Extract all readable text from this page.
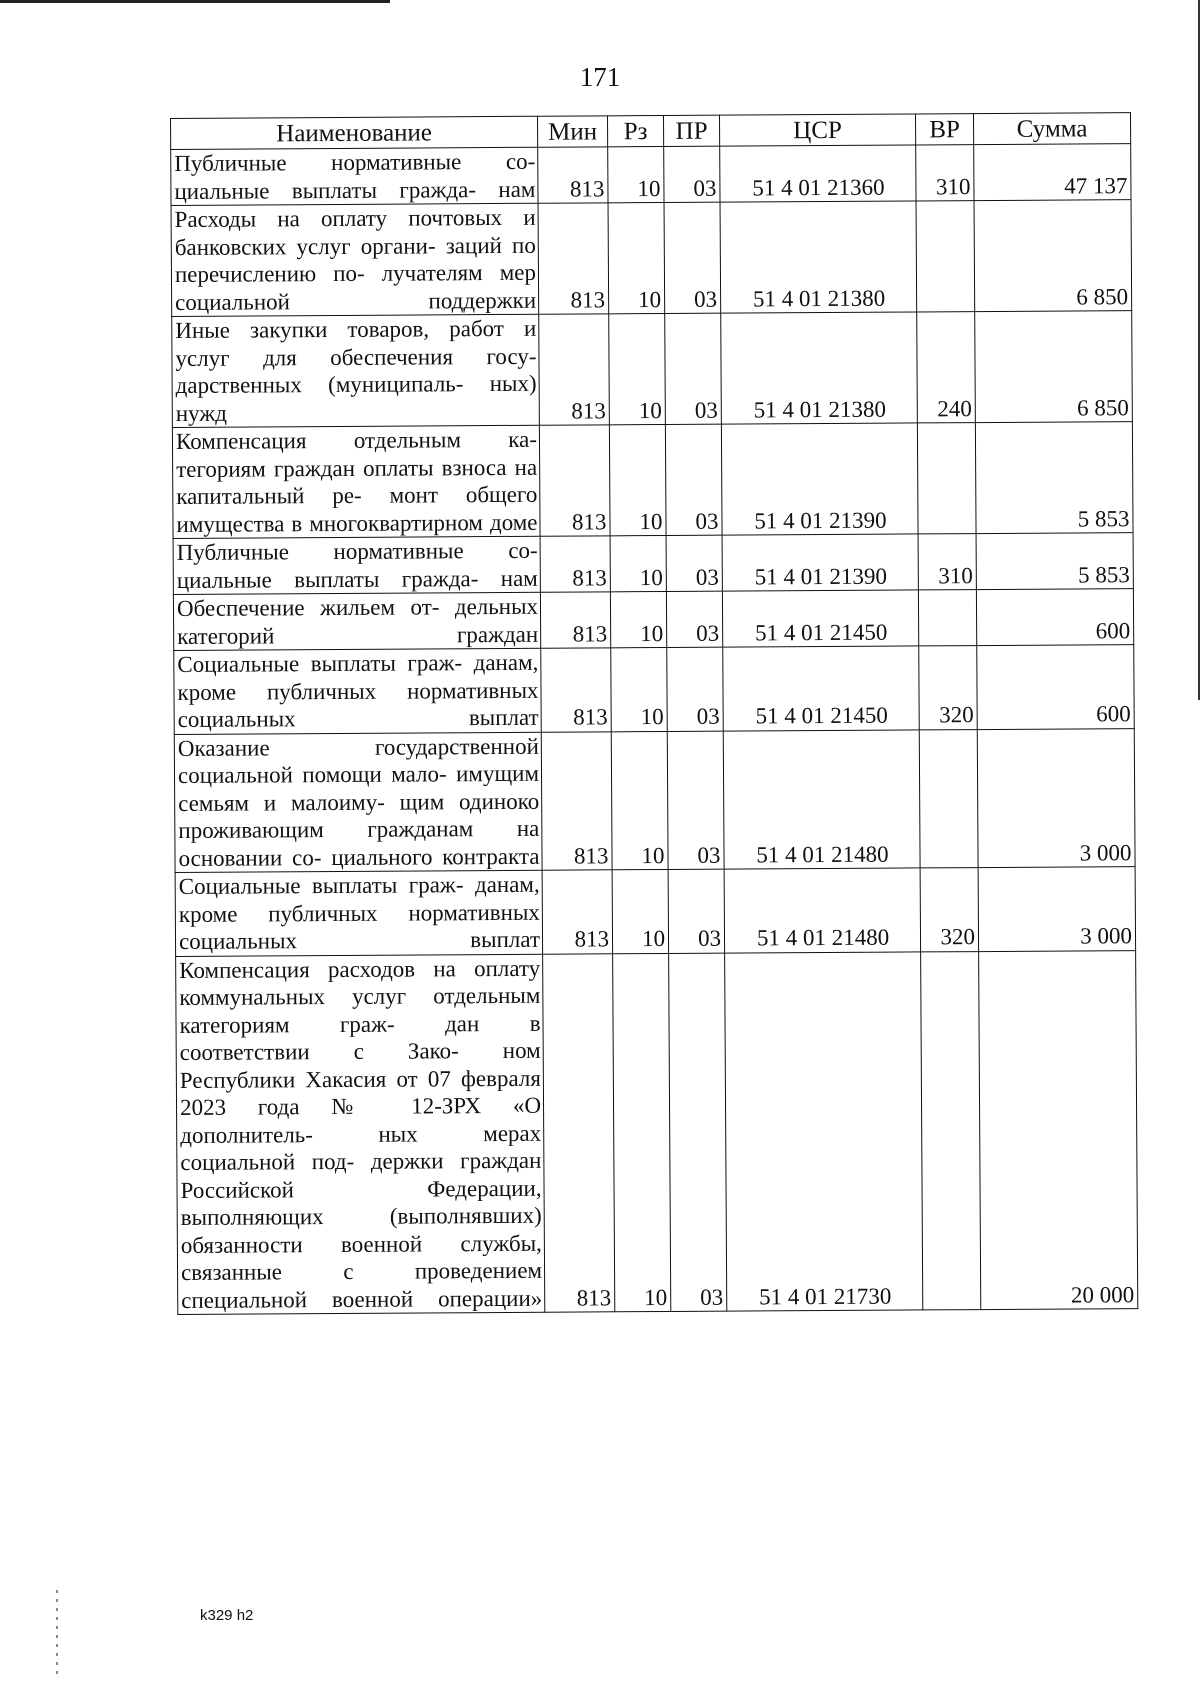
171
Наименование	Мин	Рз	ПР	ЦСР	ВР	Сумма
Публичные нормативные со- циальные выплаты гражда- нам	813	10	03	51 4 01 21360	310	47 137
Расходы на оплату почтовых и банковских услуг органи- заций по перечислению по- лучателям мер социальной поддержки	813	10	03	51 4 01 21380		6 850
Иные закупки товаров, работ и услуг для обеспечения госу- дарственных (муниципаль- ных) нужд	813	10	03	51 4 01 21380	240	6 850
Компенсация отдельным ка- тегориям граждан оплаты взноса на капитальный ре- монт общего имущества в многоквартирном доме	813	10	03	51 4 01 21390		5 853
Публичные нормативные со- циальные выплаты гражда- нам	813	10	03	51 4 01 21390	310	5 853
Обеспечение жильем от- дельных категорий граждан	813	10	03	51 4 01 21450		600
Социальные выплаты граж- данам, кроме публичных нормативных социальных выплат	813	10	03	51 4 01 21450	320	600
Оказание государственной социальной помощи мало- имущим семьям и малоиму- щим одиноко проживающим гражданам на основании со- циального контракта	813	10	03	51 4 01 21480		3 000
Социальные выплаты граж- данам, кроме публичных нормативных социальных выплат	813	10	03	51 4 01 21480	320	3 000
Компенсация расходов на оплату коммунальных услуг отдельным категориям граж- дан в соответствии с Зако- ном Республики Хакасия от 07 февраля 2023 года № 12-ЗРХ «О дополнитель- ных мерах социальной под- держки граждан Российской Федерации, выполняющих (выполнявших) обязанности военной службы, связанные с проведением специальной военной операции»	813	10	03	51 4 01 21730		20 000
k329 h2
